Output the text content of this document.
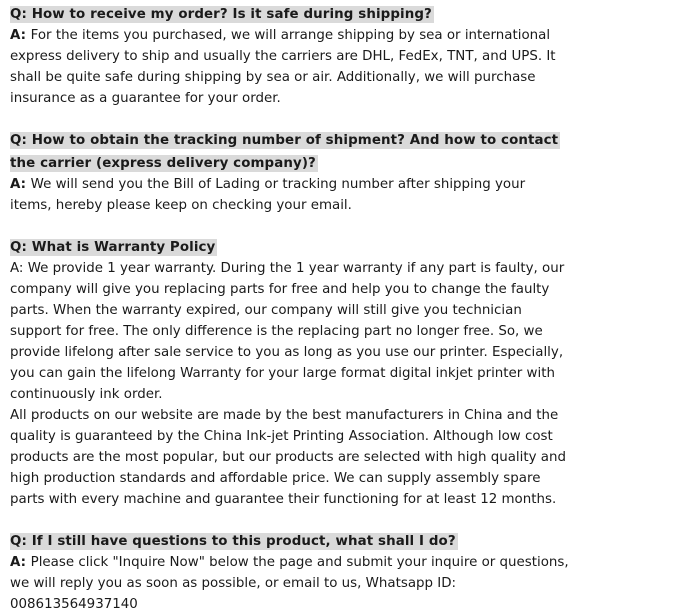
Q: How to receive my order? Is it safe during shipping?

A: For the items you purchased, we will arrange shipping by sea or international express delivery to ship and usually the carriers are DHL, FedEx, TNT, and UPS. It shall be quite safe during shipping by sea or air. Additionally, we will purchase insurance as a guarantee for your order.

Q: How to obtain the tracking number of shipment? And how to contact the carrier (express delivery company)?

A: We will send you the Bill of Lading or tracking number after shipping your items, hereby please keep on checking your email.

Q: What is Warranty Policy

A: We provide 1 year warranty. During the 1 year warranty if any part is faulty, our company will give you replacing parts for free and help you to change the faulty parts. When the warranty expired, our company will still give you technician support for free. The only difference is the replacing part no longer free. So, we provide lifelong after sale service to you as long as you use our printer. Especially, you can gain the lifelong Warranty for your large format digital inkjet printer with continuously ink order.

All products on our website are made by the best manufacturers in China and the quality is guaranteed by the China Ink-jet Printing Association. Although low cost products are the most popular, but our products are selected with high quality and high production standards and affordable price. We can supply assembly spare parts with every machine and guarantee their functioning for at least 12 months.

Q: If I still have questions to this product, what shall I do?

A: Please click "Inquire Now" below the page and submit your inquire or questions, we will reply you as soon as possible, or email to us, Whatsapp ID: 008613564937140
